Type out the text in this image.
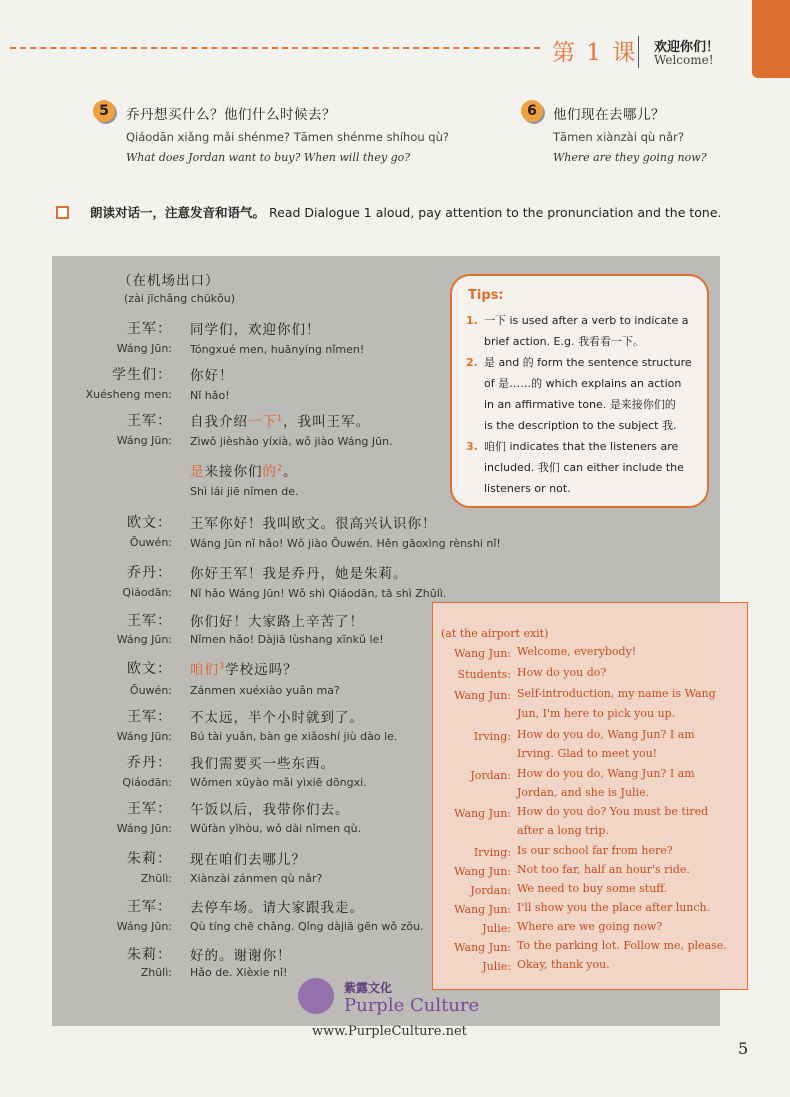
第 1 课 欢迎你们！
Welcome!
5	乔丹想买什么？他们什么时候去？
Qiáodān xiǎng mǎi shénme? Tāmen shénme shíhou qù?
What does Jordan want to buy? When will they go?
6	他们现在去哪儿？
Tāmen xiànzài qù nǎr?
Where are they going now?
朗读对话一，注意发音和语气。 Read Dialogue 1 aloud, pay attention to the pronunciation and the tone.
（在机场出口）
(zài jīchǎng chūkǒu)
王军：
Wáng Jūn:
同学们，欢迎你们！
Tóngxué men, huānyíng nǐmen!
学生们：
Xuésheng men:
你好！
Nǐ hǎo!
王军：
Wáng Jūn:
自我介绍一下$^1$，我叫王军。
Zìwǒ jièshào yíxià, wǒ jiào Wáng Jūn.
是来接你们的$^2$。
Shì lái jiē nǐmen de.
欧文：
Ōuwén:
王军你好！我叫欧文。很高兴认识你！
Wáng Jūn nǐ hǎo! Wǒ jiào Ōuwén. Hěn gāoxìng rènshi nǐ!
乔丹：
Qiáodān:
你好王军！我是乔丹，她是朱莉。
Nǐ hǎo Wáng Jūn! Wǒ shì Qiáodān, tā shì Zhūlì.
王军：
Wáng Jūn:
你们好！大家路上辛苦了！
Nǐmen hǎo! Dàjiā lùshang xīnkǔ le!
欧文：
Ōuwén:
咱们$^3$学校远吗？
Zánmen xuéxiào yuǎn ma?
王军：
Wáng Jūn:
不太远，半个小时就到了。
Bú tài yuǎn, bàn ge xiǎoshí jiù dào le.
乔丹：
Qiáodān:
我们需要买一些东西。
Wǒmen xūyào mǎi yìxiē dōngxi.
王军：
Wáng Jūn:
午饭以后，我带你们去。
Wǔfàn yǐhòu, wǒ dài nǐmen qù.
朱莉：
Zhūlì:
现在咱们去哪儿？
Xiànzài zánmen qù nǎr?
王军：
Wáng Jūn:
去停车场。请大家跟我走。
Qù tíng chē chǎng. Qǐng dàjiā gēn wǒ zǒu.
朱莉：
Zhūlì:
好的。谢谢你！
Hǎo de. Xièxie nǐ!
Tips:
1. 一下 is used after a verb to indicate a
brief action. E.g. 我看看一下。
2. 是 and 的 form the sentence structure
of 是……的 which explains an action
in an affirmative tone. 是来接你们的
is the description to the subject 我.
3. 咱们 indicates that the listeners are
included. 我们 can either include the
listeners or not.
(at the airport exit)
Wang Jun: Welcome, everybody!
Students: How do you do?
Wang Jun: Self-introduction, my name is Wang
Jun, I'm here to pick you up.
Irving: How do you do, Wang Jun? I am
Irving. Glad to meet you!
Jordan: How do you do, Wang Jun? I am
Jordan, and she is Julie.
Wang Jun: How do you do? You must be tired
after a long trip.
Irving: Is our school far from here?
Wang Jun: Not too far, half an hour's ride.
Jordan: We need to buy some stuff.
Wang Jun: I'll show you the place after lunch.
Julie: Where are we going now?
Wang Jun: To the parking lot. Follow me, please.
Julie: Okay, thank you.
紫露文化
Purple Culture
www.PurpleCulture.net
5
